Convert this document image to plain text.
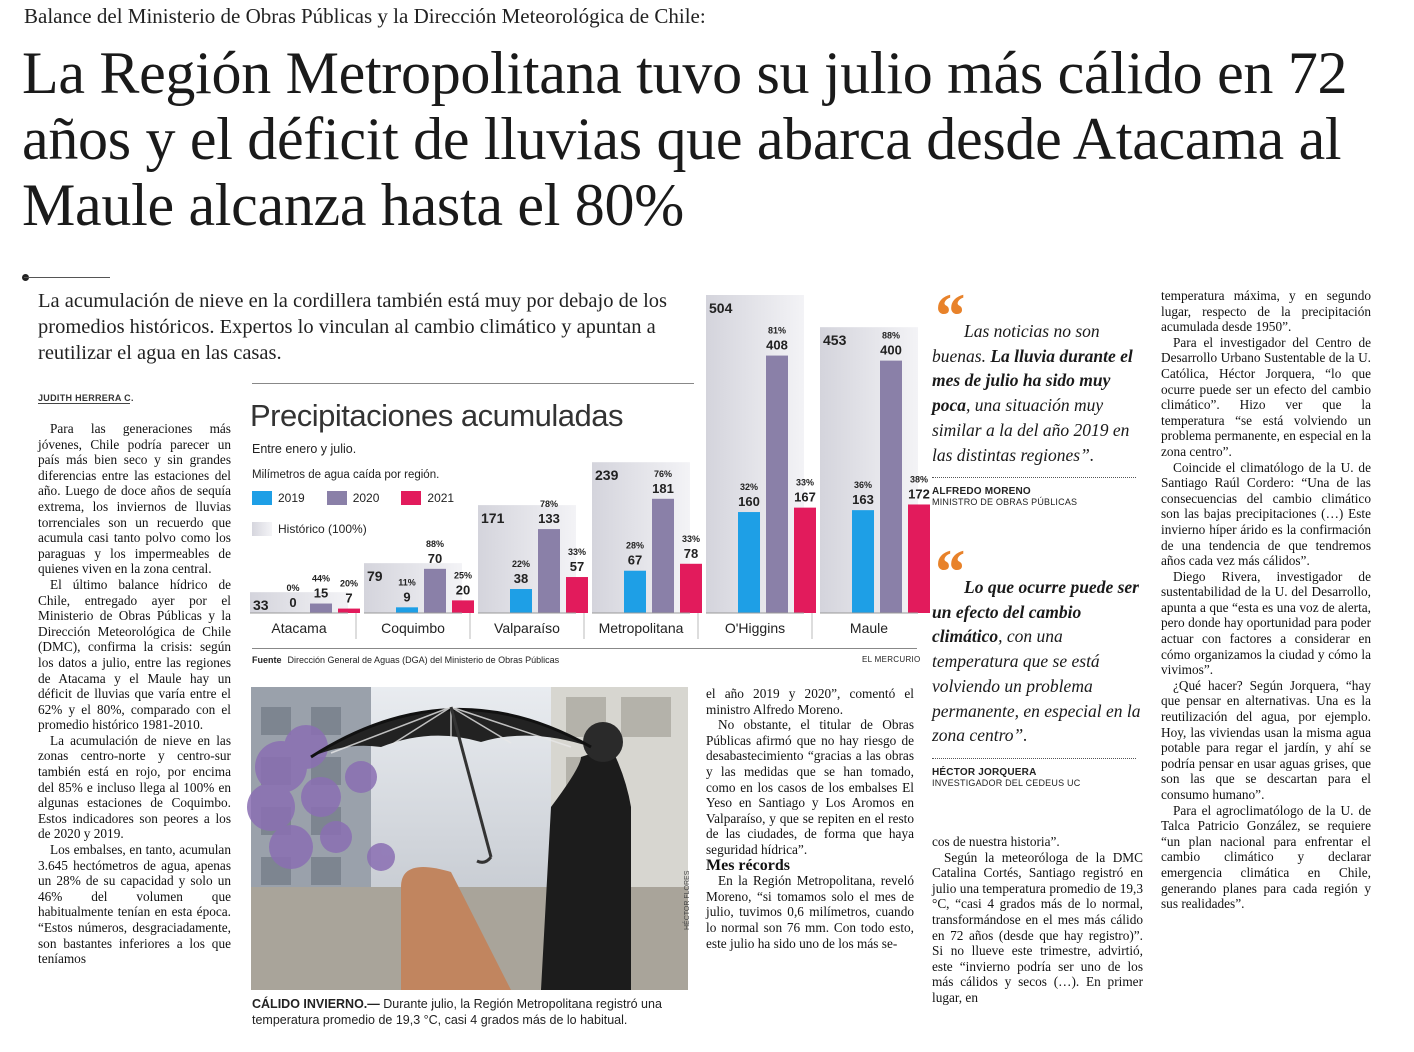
Balance del Ministerio de Obras Públicas y la Dirección Meteorológica de Chile:
La Región Metropolitana tuvo su julio más cálido en 72 años y el déficit de lluvias que abarca desde Atacama al Maule alcanza hasta el 80%
La acumulación de nieve en la cordillera también está muy por debajo de los promedios históricos. Expertos lo vinculan al cambio climático y apuntan a reutilizar el agua en las casas.
JUDITH HERRERA C.

Para las generaciones más jóvenes, Chile podría parecer un país más bien seco y sin grandes diferencias entre las estaciones del año. Luego de doce años de sequía extrema, los inviernos de lluvias torrenciales son un recuerdo que acumula casi tanto polvo como los paraguas y los impermeables de quienes viven en la zona central.

El último balance hídrico de Chile, entregado ayer por el Ministerio de Obras Públicas y la Dirección Meteorológica de Chile (DMC), confirma la crisis: según los datos a julio, entre las regiones de Atacama y el Maule hay un déficit de lluvias que varía entre el 62% y el 80%, comparado con el promedio histórico 1981-2010.

La acumulación de nieve en las zonas centro-norte y centro-sur también está en rojo, por encima del 85% e incluso llega al 100% en algunas estaciones de Coquimbo. Estos indicadores son peores a los de 2020 y 2019.

Los embalses, en tanto, acumulan 3.645 hectómetros de agua, apenas un 28% de su capacidad y solo un 46% del volumen que habitualmente tenían en esta época. “Estos números, desgraciadamente, son bastantes inferiores a los que teníamos

33 0
0% 15
44%
7
20%
Atacama
79
9
11%
70
88%
20
25%
Coquimbo
171
38
22%
133
78%
57
33%
Valparaíso
239
67
28%
181
76%
78
33%
Metropolitana
504
160
32%
408
81%
167
33%
O'Higgins
453
163
36%
400
88%
172
38%
Maule
Precipitaciones acumuladas
Entre enero y julio.
Milímetros de agua caída por región.
2019	2020	2021
Histórico (100%)
Fuente Dirección General de Aguas (DGA) del Ministerio de Obras Públicas	EL MERCURIO
HÉCTOR FLORES
CÁLIDO INVIERNO.— Durante julio, la Región Metropolitana registró una temperatura promedio de 19,3 °C, casi 4 grados más de lo habitual.

el año 2019 y 2020”, comentó el ministro Alfredo Moreno.

No obstante, el titular de Obras Públicas afirmó que no hay riesgo de desabastecimiento “gracias a las obras y las medidas que se han tomado, como en los casos de los embalses El Yeso en Santiago y Los Aromos en Valparaíso, y que se repiten en el resto de las ciudades, de forma que haya seguridad hídrica”.

Mes récords

En la Región Metropolitana, reveló Moreno, “si tomamos solo el mes de julio, tuvimos 0,6 milímetros, cuando lo normal son 76 mm. Con todo esto, este julio ha sido uno de los más se-

“Las noticias no son buenas. La lluvia durante el mes de julio ha sido muy poca, una situación muy similar a la del año 2019 en las distintas regiones”.
ALFREDO MORENO
MINISTRO DE OBRAS PÚBLICAS
“Lo que ocurre puede ser un efecto del cambio climático, con una temperatura que se está volviendo un problema permanente, en especial en la zona centro”.
HÉCTOR JORQUERA
INVESTIGADOR DEL CEDEUS UC

cos de nuestra historia”.

Según la meteoróloga de la DMC Catalina Cortés, Santiago registró en julio una temperatura promedio de 19,3 °C, “casi 4 grados más de lo normal, transformándose en el mes más cálido en 72 años (desde que hay registro)”. Si no llueve este trimestre, advirtió, este “invierno podría ser uno de los más cálidos y secos (…). En primer lugar, en

temperatura máxima, y en segundo lugar, respecto de la precipitación acumulada desde 1950”.

Para el investigador del Centro de Desarrollo Urbano Sustentable de la U. Católica, Héctor Jorquera, “lo que ocurre puede ser un efecto del cambio climático”. Hizo ver que la temperatura “se está volviendo un problema permanente, en especial en la zona centro”.

Coincide el climatólogo de la U. de Santiago Raúl Cordero: “Una de las consecuencias del cambio climático son las bajas precipitaciones (…) Este invierno híper árido es la confirmación de una tendencia de que tendremos años cada vez más cálidos”.

Diego Rivera, investigador de sustentabilidad de la U. del Desarrollo, apunta a que “esta es una voz de alerta, pero donde hay oportunidad para poder actuar con factores a considerar en cómo organizamos la ciudad y cómo la vivimos”.

¿Qué hacer? Según Jorquera, “hay que pensar en alternativas. Una es la reutilización del agua, por ejemplo. Hoy, las viviendas usan la misma agua potable para regar el jardín, y ahí se podría pensar en usar aguas grises, que son las que se descartan para el consumo humano”.

Para el agroclimatólogo de la U. de Talca Patricio González, se requiere “un plan nacional para enfrentar el cambio climático y declarar emergencia climática en Chile, generando planes para cada región y sus realidades”.
